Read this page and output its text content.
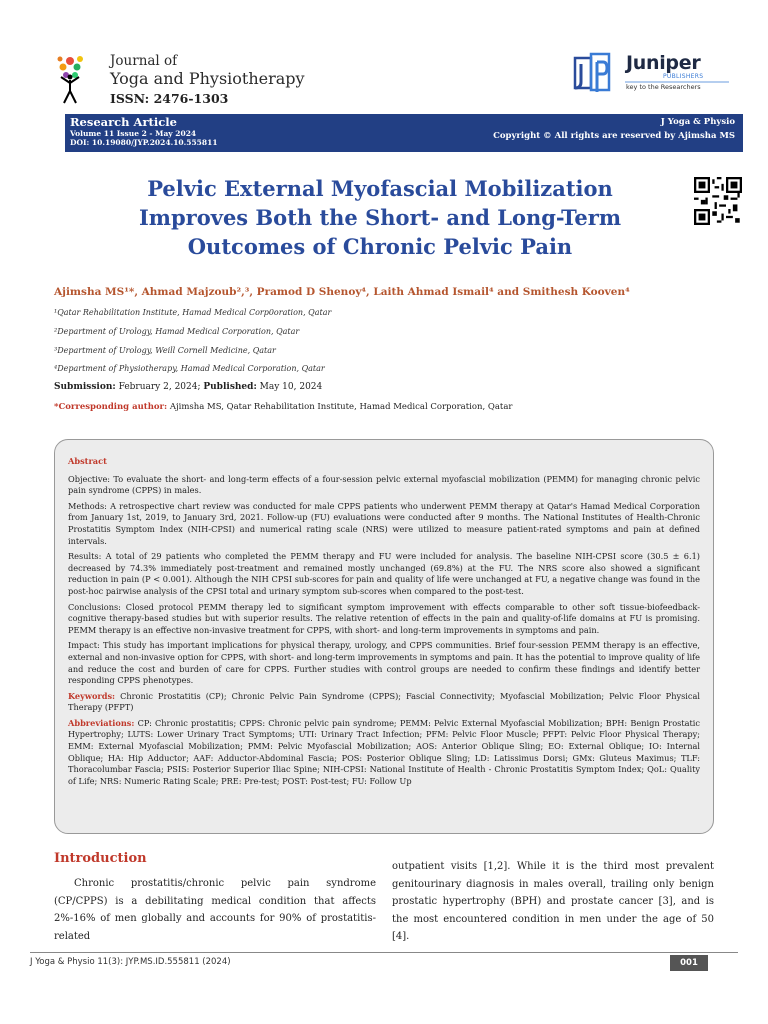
Journal of
Yoga and Physiotherapy
ISSN: 2476-1303
Juniper
PUBLISHERS
key to the Researchers
Research Article
Volume 11 Issue 2 - May 2024
DOI: 10.19080/JYP.2024.10.555811
J Yoga & Physio
Copyright © All rights are reserved by Ajimsha MS
Pelvic External Myofascial Mobilization Improves Both the Short- and Long-Term Outcomes of Chronic Pelvic Pain
Ajimsha MS¹*, Ahmad Majzoub²,³, Pramod D Shenoy⁴, Laith Ahmad Ismail⁴ and Smithesh Kooven⁴
¹Qatar Rehabilitation Institute, Hamad Medical Corp0oration, Qatar
²Department of Urology, Hamad Medical Corporation, Qatar
³Department of Urology, Weill Cornell Medicine, Qatar
⁴Department of Physiotherapy, Hamad Medical Corporation, Qatar
Submission: February 2, 2024; Published: May 10, 2024
*Corresponding author: Ajimsha MS, Qatar Rehabilitation Institute, Hamad Medical Corporation, Qatar
Abstract

Objective: To evaluate the short- and long-term effects of a four-session pelvic external myofascial mobilization (PEMM) for managing chronic pelvic pain syndrome (CPPS) in males.

Methods: A retrospective chart review was conducted for male CPPS patients who underwent PEMM therapy at Qatar's Hamad Medical Corporation from January 1st, 2019, to January 3rd, 2021. Follow-up (FU) evaluations were conducted after 9 months. The National Institutes of Health-Chronic Prostatitis Symptom Index (NIH-CPSI) and numerical rating scale (NRS) were utilized to measure patient-rated symptoms and pain at defined intervals.

Results: A total of 29 patients who completed the PEMM therapy and FU were included for analysis. The baseline NIH-CPSI score (30.5 ± 6.1) decreased by 74.3% immediately post-treatment and remained mostly unchanged (69.8%) at the FU. The NRS score also showed a significant reduction in pain (P < 0.001). Although the NIH CPSI sub-scores for pain and quality of life were unchanged at FU, a negative change was found in the post-hoc pairwise analysis of the CPSI total and urinary symptom sub-scores when compared to the post-test.

Conclusions: Closed protocol PEMM therapy led to significant symptom improvement with effects comparable to other soft tissue-biofeedback-cognitive therapy-based studies but with superior results. The relative retention of effects in the pain and quality-of-life domains at FU is promising. PEMM therapy is an effective non-invasive treatment for CPPS, with short- and long-term improvements in symptoms and pain.

Impact: This study has important implications for physical therapy, urology, and CPPS communities. Brief four-session PEMM therapy is an effective, external and non-invasive option for CPPS, with short- and long-term improvements in symptoms and pain. It has the potential to improve quality of life and reduce the cost and burden of care for CPPS. Further studies with control groups are needed to confirm these findings and identify better responding CPPS phenotypes.

Keywords: Chronic Prostatitis (CP); Chronic Pelvic Pain Syndrome (CPPS); Fascial Connectivity; Myofascial Mobilization; Pelvic Floor Physical Therapy (PFPT)

Abbreviations: CP: Chronic prostatitis; CPPS: Chronic pelvic pain syndrome; PEMM: Pelvic External Myofascial Mobilization; BPH: Benign Prostatic Hypertrophy; LUTS: Lower Urinary Tract Symptoms; UTI: Urinary Tract Infection; PFM: Pelvic Floor Muscle; PFPT: Pelvic Floor Physical Therapy; EMM: External Myofascial Mobilization; PMM: Pelvic Myofascial Mobilization; AOS: Anterior Oblique Sling; EO: External Oblique; IO: Internal Oblique; HA: Hip Adductor; AAF: Adductor-Abdominal Fascia; POS: Posterior Oblique Sling; LD: Latissimus Dorsi; GMx: Gluteus Maximus; TLF: Thoracolumbar Fascia; PSIS: Posterior Superior Iliac Spine; NIH-CPSI: National Institute of Health - Chronic Prostatitis Symptom Index; QoL: Quality of Life; NRS: Numeric Rating Scale; PRE: Pre-test; POST: Post-test; FU: Follow Up

Introduction
Chronic prostatitis/chronic pelvic pain syndrome (CP/CPPS) is a debilitating medical condition that affects 2%-16% of men globally and accounts for 90% of prostatitis-related
outpatient visits [1,2]. While it is the third most prevalent genitourinary diagnosis in males overall, trailing only benign prostatic hypertrophy (BPH) and prostate cancer [3], and is the most encountered condition in men under the age of 50 [4].
J Yoga & Physio 11(3): JYP.MS.ID.555811 (2024)	001
